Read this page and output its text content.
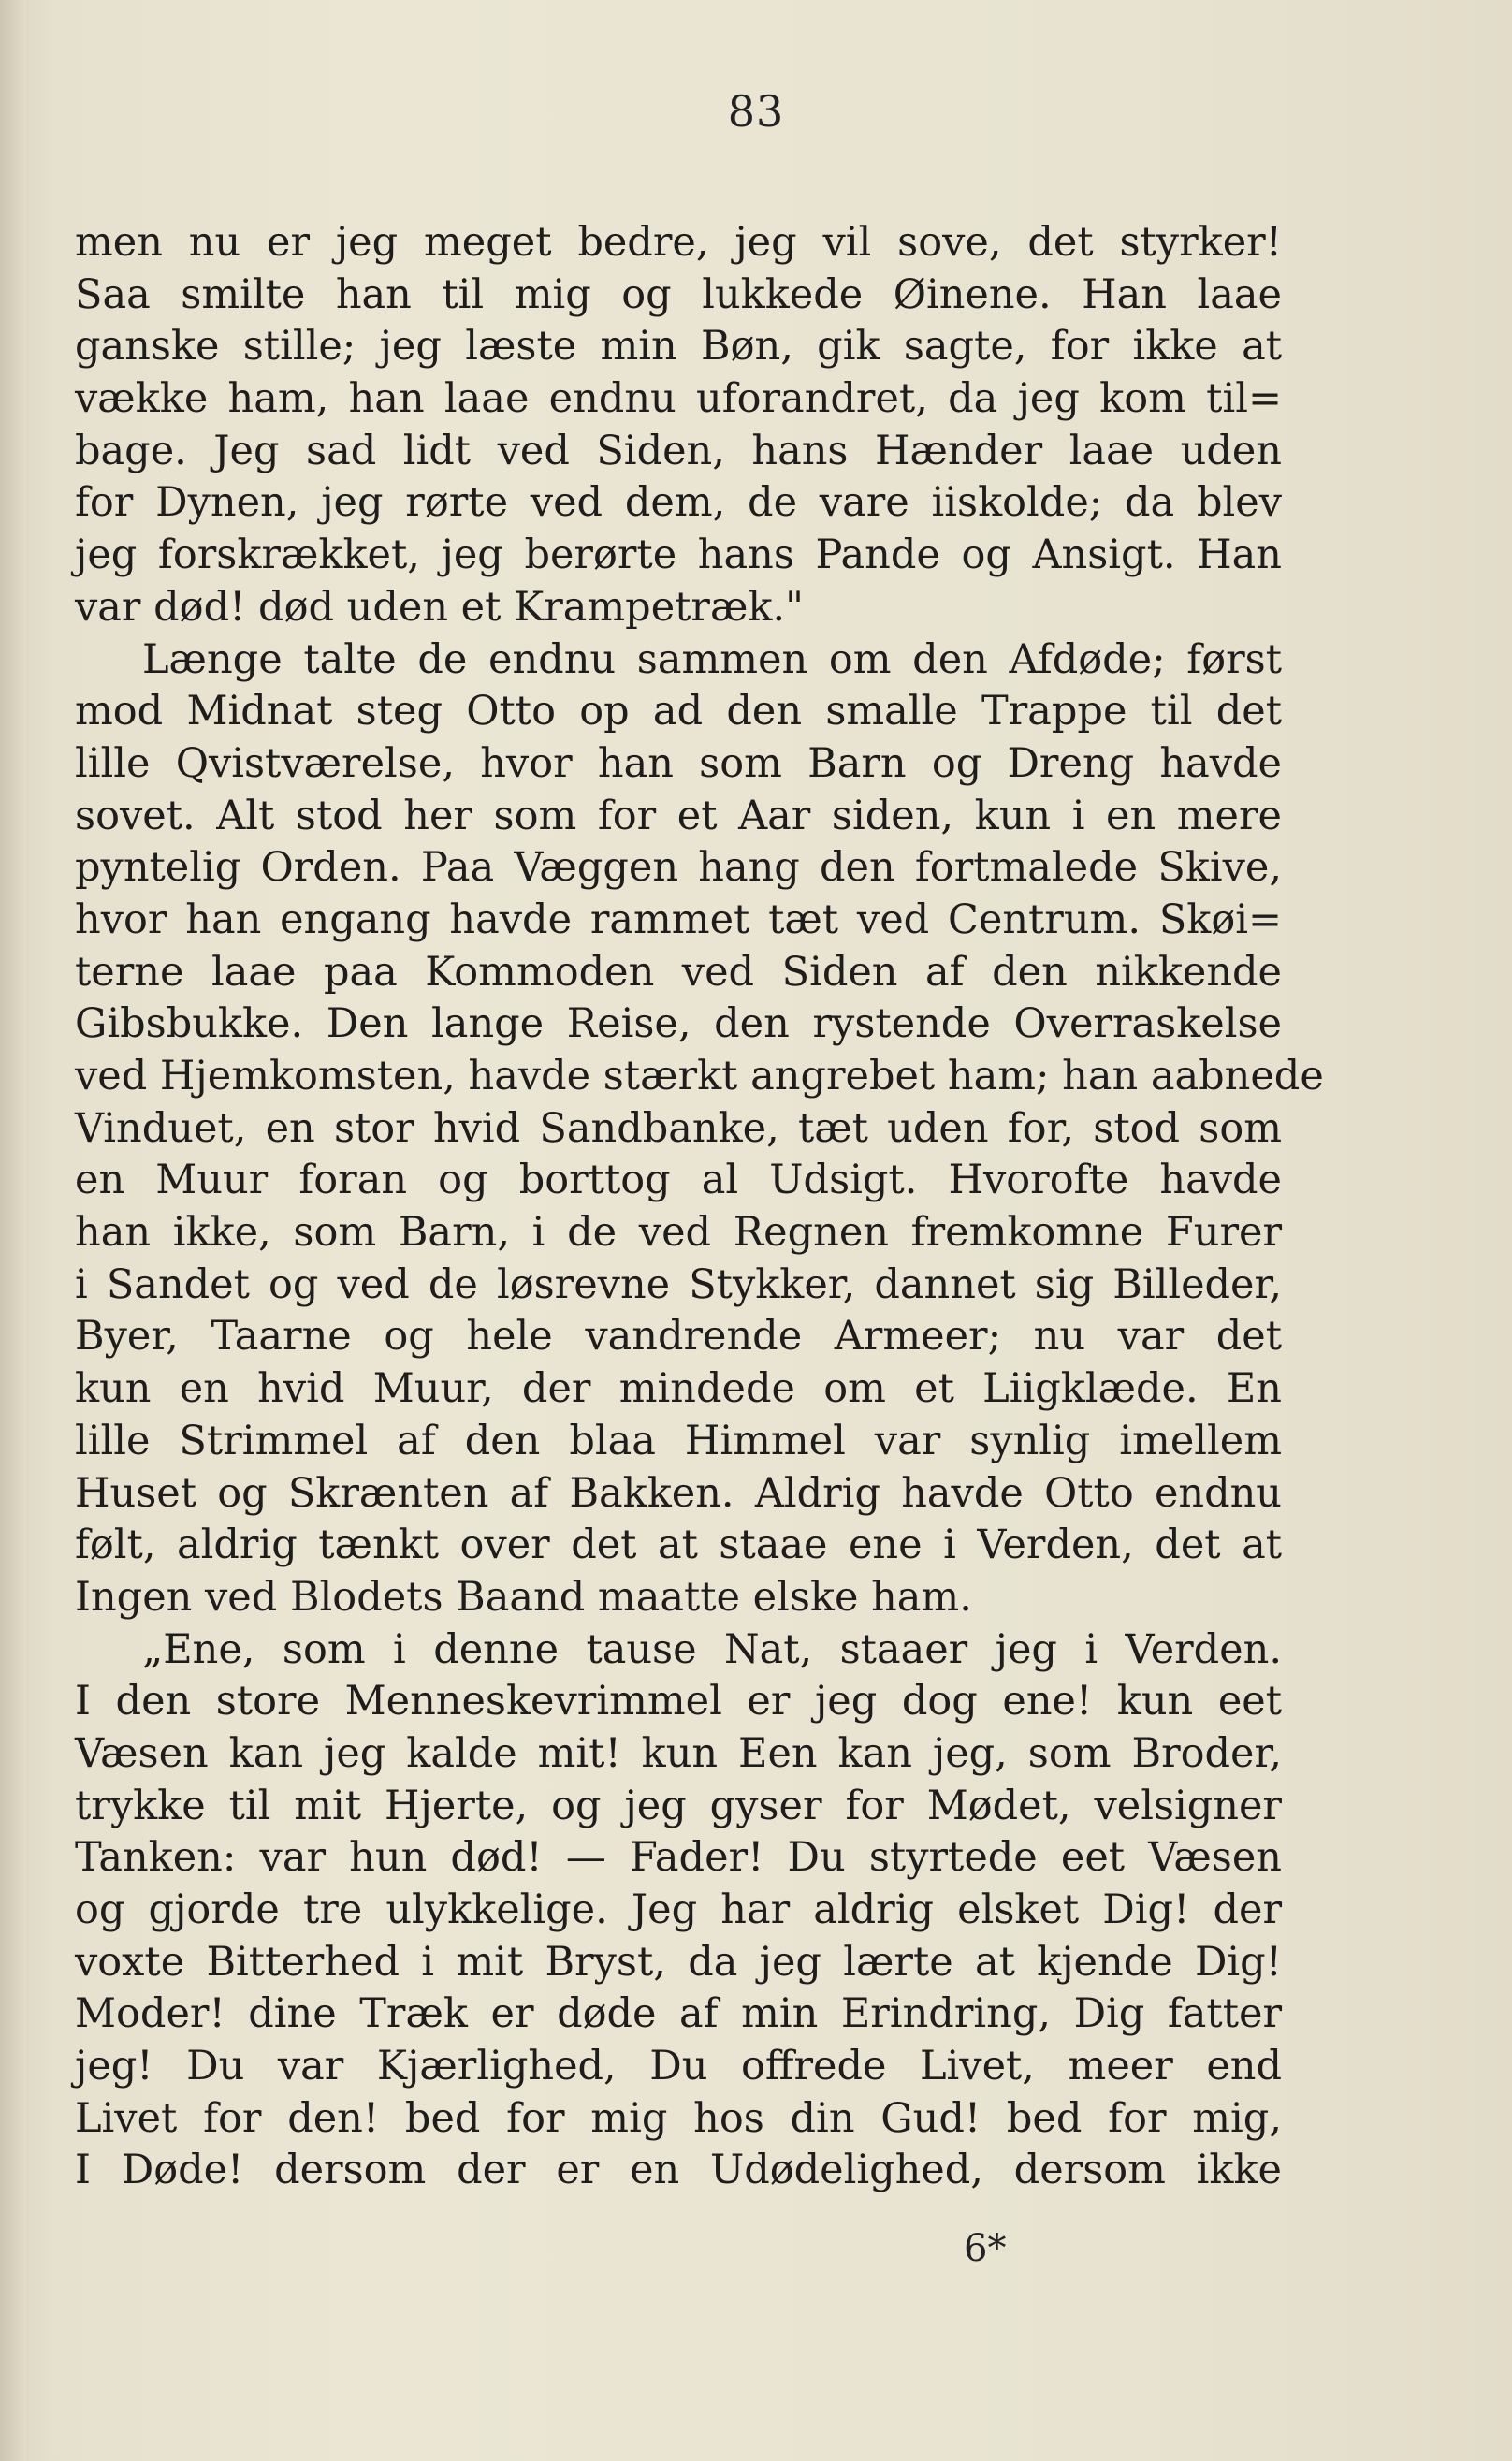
83
men nu er jeg meget bedre, jeg vil sove, det styrker!
Saa smilte han til mig og lukkede Øinene. Han laae
ganske stille; jeg læste min Bøn, gik sagte, for ikke at
vække ham, han laae endnu uforandret, da jeg kom til=
bage. Jeg sad lidt ved Siden, hans Hænder laae uden
for Dynen, jeg rørte ved dem, de vare iiskolde; da blev
jeg forskrækket, jeg berørte hans Pande og Ansigt. Han
var død! død uden et Krampetræk."
Længe talte de endnu sammen om den Afdøde; først
mod Midnat steg Otto op ad den smalle Trappe til det
lille Qvistværelse, hvor han som Barn og Dreng havde
sovet. Alt stod her som for et Aar siden, kun i en mere
pyntelig Orden. Paa Væggen hang den fortmalede Skive,
hvor han engang havde rammet tæt ved Centrum. Skøi=
terne laae paa Kommoden ved Siden af den nikkende
Gibsbukke. Den lange Reise, den rystende Overraskelse
ved Hjemkomsten, havde stærkt angrebet ham; han aabnede
Vinduet, en stor hvid Sandbanke, tæt uden for, stod som
en Muur foran og borttog al Udsigt. Hvorofte havde
han ikke, som Barn, i de ved Regnen fremkomne Furer
i Sandet og ved de løsrevne Stykker, dannet sig Billeder,
Byer, Taarne og hele vandrende Armeer; nu var det
kun en hvid Muur, der mindede om et Liigklæde. En
lille Strimmel af den blaa Himmel var synlig imellem
Huset og Skrænten af Bakken. Aldrig havde Otto endnu
følt, aldrig tænkt over det at staae ene i Verden, det at
Ingen ved Blodets Baand maatte elske ham.
„Ene, som i denne tause Nat, staaer jeg i Verden.
I den store Menneskevrimmel er jeg dog ene! kun eet
Væsen kan jeg kalde mit! kun Een kan jeg, som Broder,
trykke til mit Hjerte, og jeg gyser for Mødet, velsigner
Tanken: var hun død! — Fader! Du styrtede eet Væsen
og gjorde tre ulykkelige. Jeg har aldrig elsket Dig! der
voxte Bitterhed i mit Bryst, da jeg lærte at kjende Dig!
Moder! dine Træk er døde af min Erindring, Dig fatter
jeg! Du var Kjærlighed, Du offrede Livet, meer end
Livet for den! bed for mig hos din Gud! bed for mig,
I Døde! dersom der er en Udødelighed, dersom ikke
6*
